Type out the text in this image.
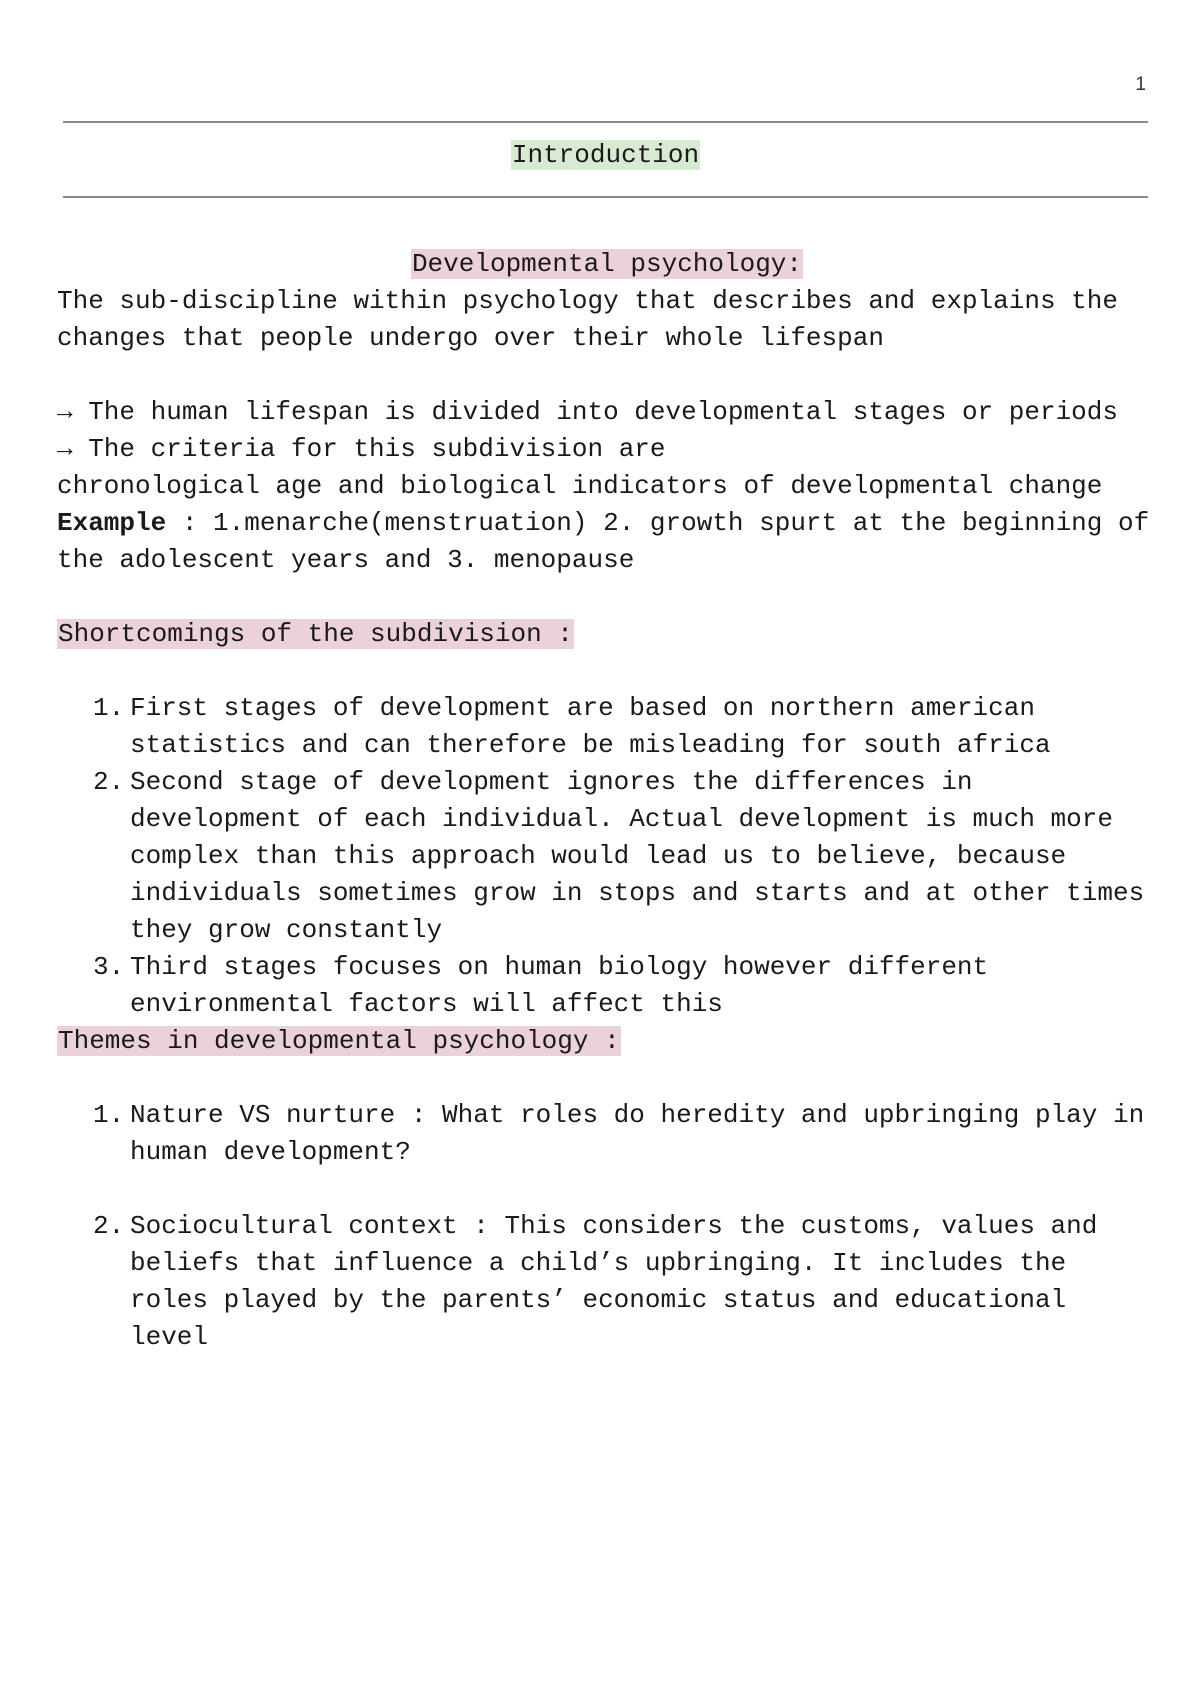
1
Introduction

Developmental psychology:

The sub-discipline within psychology that describes and explains the changes that people undergo over their whole lifespan

→ The human lifespan is divided into developmental stages or periods

→ The criteria for this subdivision are

chronological age and biological indicators of developmental change

Example : 1.menarche(menstruation) 2. growth spurt at the beginning of the adolescent years and 3. menopause

Shortcomings of the subdivision :

1. First stages of development are based on northern american statistics and can therefore be misleading for south africa
2. Second stage of development ignores the differences in development of each individual. Actual development is much more complex than this approach would lead us to believe, because individuals sometimes grow in stops and starts and at other times they grow constantly
3. Third stages focuses on human biology however different environmental factors will affect this

Themes in developmental psychology :

1. Nature VS nurture : What roles do heredity and upbringing play in human development?
2. Sociocultural context : This considers the customs, values and beliefs that influence a child’s upbringing. It includes the roles played by the parents’ economic status and educational level
